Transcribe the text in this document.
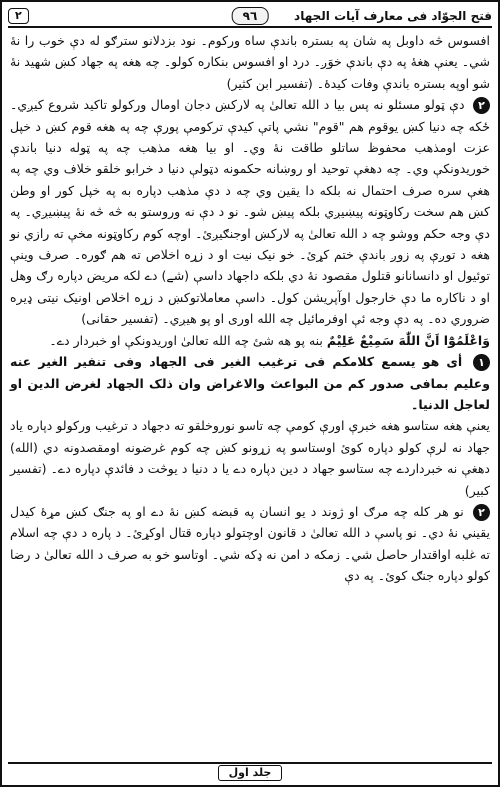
٢	٩٦	فتح الجوّاد فی معارف آیات الجهاد

افسوس څه داوبل په شان په بستره باندې ساه ورکوم۔ نود بزدلانو سترګو له دې خوب را نۀ شي۔ یعنې هغۀ په دې باندې خوَږ۔ درد او افسوس بنکاره کولو۔ چه هغه په جهاد کښ شهید نۀ شو اوپه بستره باندې وفات کیدۀ۔ (تفسیر ابن کثیر)

٢ دې ټولو مسئلو نه پس بیا د الله تعالیٰ په لارکښ دجان اومال ورکولو تاکید شروع کیږي۔ ځکه چه دنیا کښ یوقوم هم "قوم" نشي پاتې کیدې ترکومې پورې چه په هغه قوم کښ د خپل عزت اومذهب محفوظ ساتلو طاقت نۀ وي۔ او بیا هغه مذهب چه په ټوله دنیا باندې خوریدونکې وي۔ چه دهغې توحید او روښانه حکمونه دټولې دنیا د خرابو خلقو خلاف وي چه په هغې سره صرف احتمال نه بلکه دا یقین وي چه د دې مذهب دپاره به په خپل کور او وطن کښ هم سخت رکاوټونه پیښیږي بلکه پیښ شو۔ نو د دې نه وروستو به څه څه نۀ پیښیږي۔ په دې وجه حکم ووشو چه د الله تعالیٰ په لارکښ اوجنګیږئ۔ اوچه کوم رکاوټونه مخې ته رازي نو هغه د توږې په زوږ باندې ختم کړئ۔ خو نیک نیت او د زړه اخلاص ته هم ګوره۔ صرف وینې توئیول او دانسانانو قتلول مقصود نۀ دي بلکه داجهاد داسې (شے) دے لکه مریض دپاره رګ وهل او د ناکاره ما دې خارجول اوآپریشن کول۔ داسې معاملاتوکښ د زړه اخلاص اونیک نیتی ډیره ضروري ده۔ په دې وجه ئې اوفرمائیل چه الله اوری او پو هیږي۔ (تفسیر حقانی)

وَاعْلَمُوْٓا اَنَّ اللّٰهَ سَمِیْعٌ عَلِیْمٌ بنه پو هه شئ چه الله تعالیٰ اوریدونکې او خبردار دے۔

١ أی هو یسمع کلامکم فی ترغیب الغیر فی الجهاد وفی تنفیر الغیر عنه وعلیم بمافی صدور کم من البواعث والاغراض وان ذلک الجهاد لغرض الدین او لعاجل الدنیا۔

یعنې هغه ستاسو هغه خبرې اورې کومې چه تاسو نوروخلقو ته دجهاد د ترغیب ورکولو دپاره یاد جهاد نه لرې کولو دپاره کوئ اوستاسو په زړونو کښ چه کوم غرضونه اومقصدونه دي (الله) دهغې نه خبرداردے چه ستاسو جهاد د دین دپاره دے یا د دنیا د یوڅت د فائدې دپاره دے۔ (تفسیر کبیر)

٢ نو هر کله چه مرګ او ژوند د یو انسان په قبضه کښ نۀ دے او په جنګ کښ مړۀ کیدل یقیني نۀ دي۔ نو پاسې د الله تعالیٰ د قانون اوچتولو دپاره قتال اوکړئ۔ د پاره د دې چه اسلام ته غلبه اواقتدار حاصل شي۔ زمکه د امن نه ډکه شي۔ اوتاسو خو به صرف د الله تعالیٰ د رضا کولو دپاره جنګ کوئ۔ په دې

جلد اول
